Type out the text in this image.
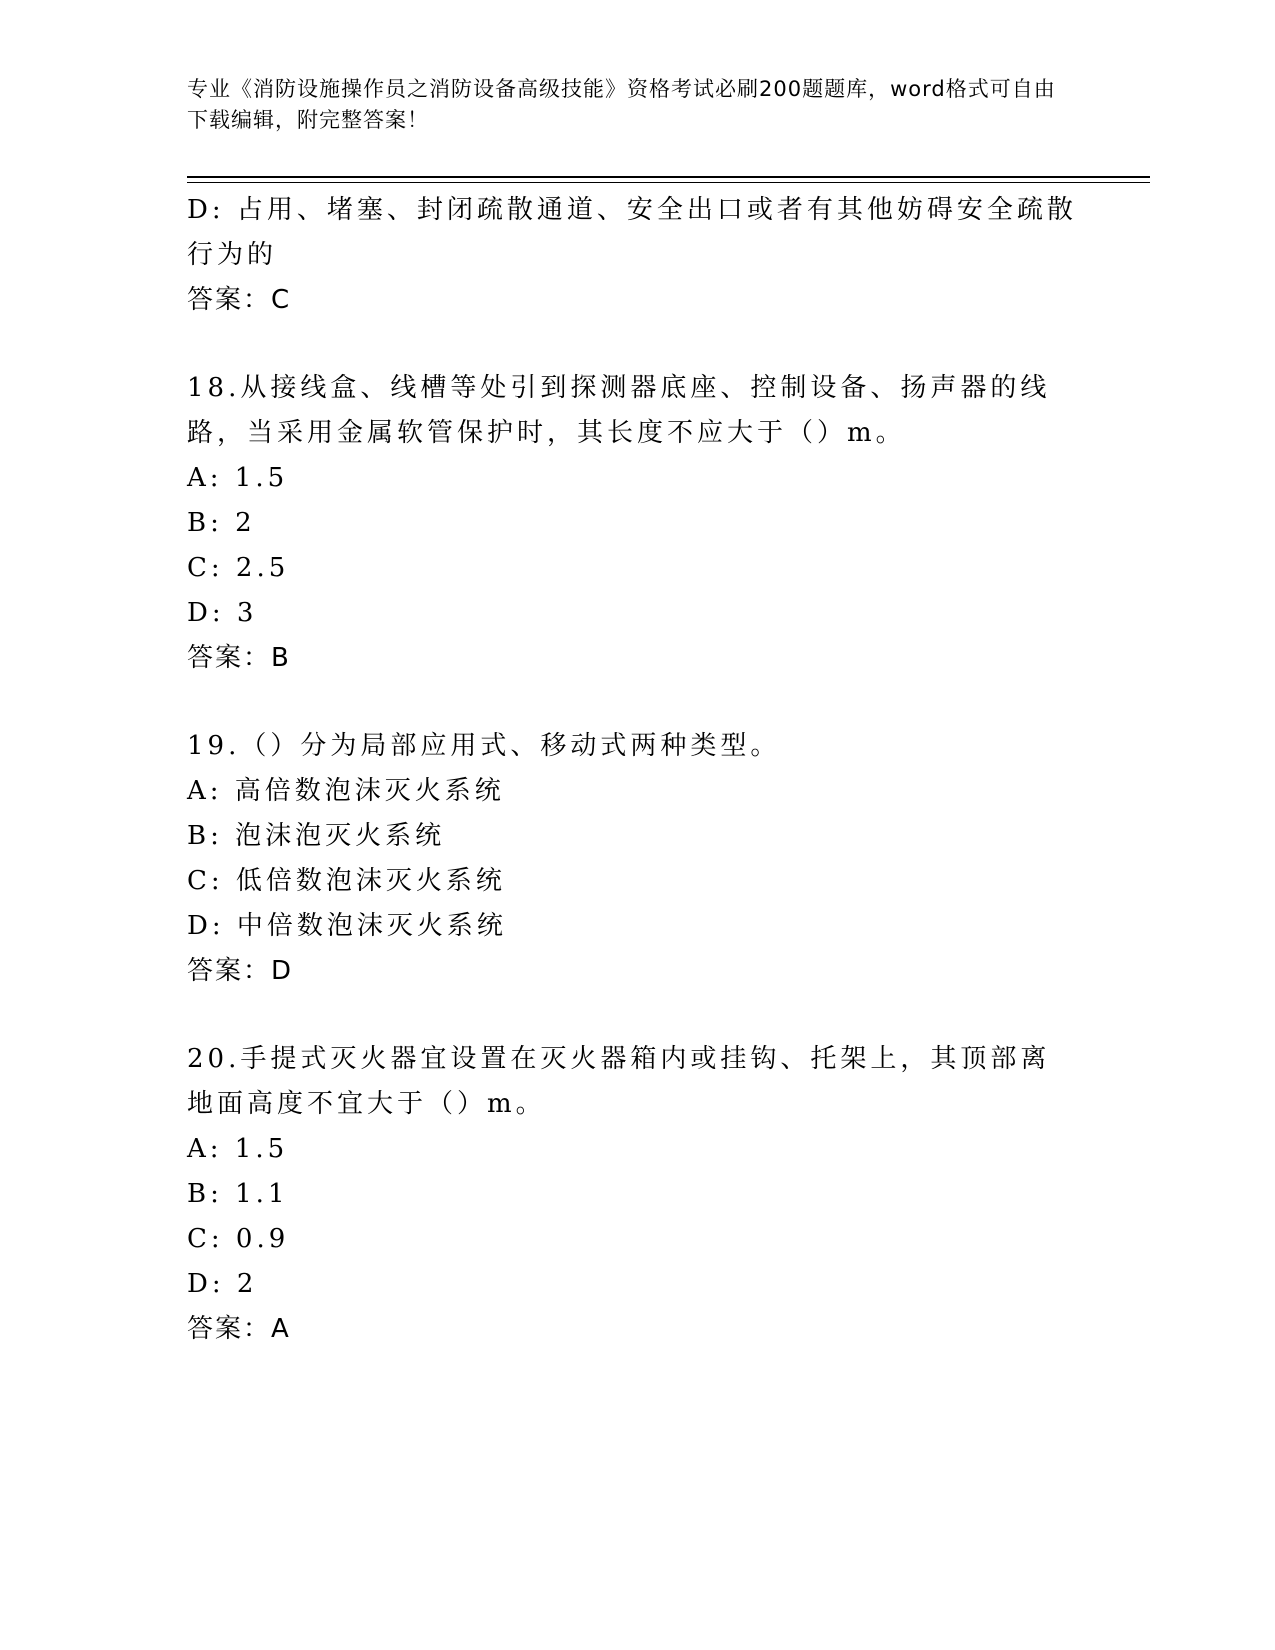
专业《消防设施操作员之消防设备高级技能》资格考试必刷200题题库，word格式可自由下载编辑，附完整答案！
D: 占用、堵塞、封闭疏散通道、安全出口或者有其他妨碍安全疏散行为的
答案：C
18.从接线盒、线槽等处引到探测器底座、控制设备、扬声器的线路，当采用金属软管保护时，其长度不应大于（）m。
A: 1.5
B: 2
C: 2.5
D: 3
答案：B
19.（）分为局部应用式、移动式两种类型。
A: 高倍数泡沫灭火系统
B: 泡沫泡灭火系统
C: 低倍数泡沫灭火系统
D: 中倍数泡沫灭火系统
答案：D
20.手提式灭火器宜设置在灭火器箱内或挂钩、托架上，其顶部离地面高度不宜大于（）m。
A: 1.5
B: 1.1
C: 0.9
D: 2
答案：A
